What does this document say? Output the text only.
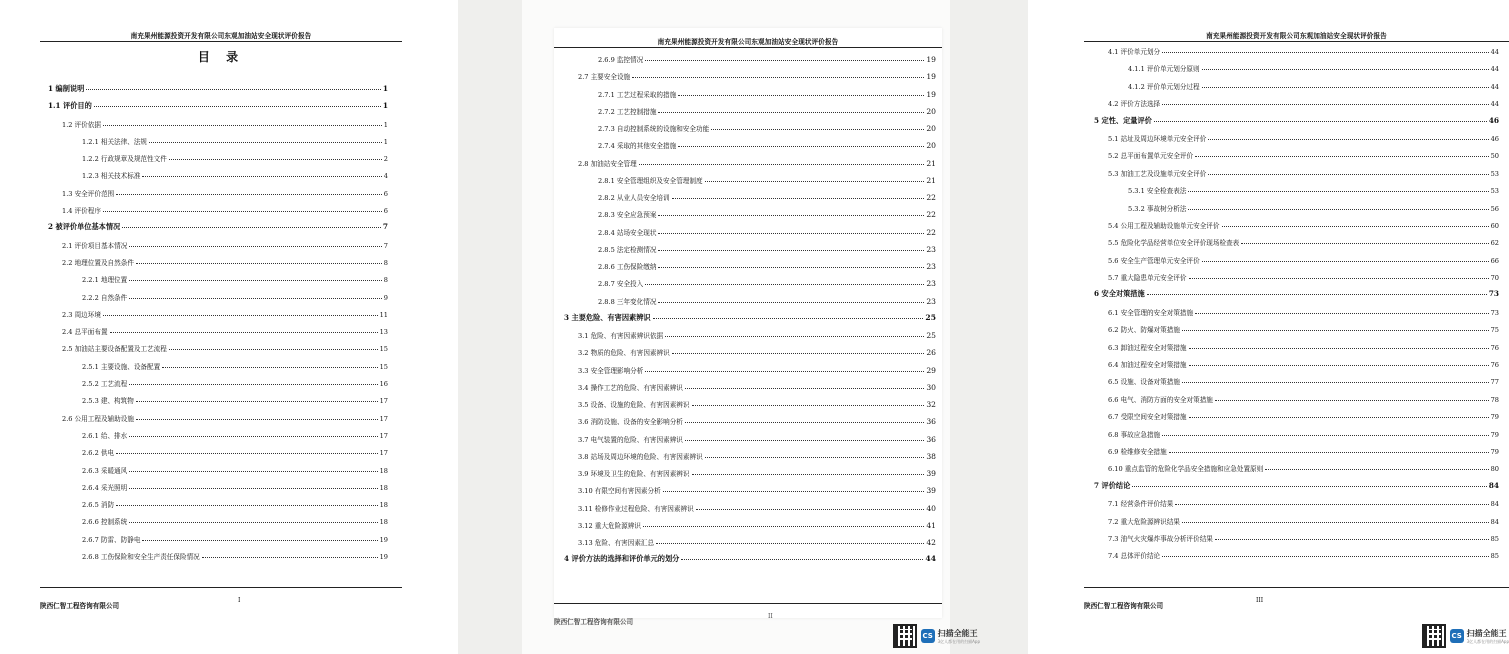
南充果州能源投资开发有限公司东观加油站安全现状评价报告
目 录
1 编制说明	1
1.1 评价目的	1
1.2 评价依据	1
1.2.1 相关法律、法规	1
1.2.2 行政规章及规范性文件	2
1.2.3 相关技术标准	4
1.3 安全评价范围	6
1.4 评价程序	6
2 被评价单位基本情况	7
2.1 评价项目基本情况	7
2.2 地理位置及自然条件	8
2.2.1 地理位置	8
2.2.2 自然条件	9
2.3 周边环境	11
2.4 总平面布置	13
2.5 加油站主要设备配置及工艺流程	15
2.5.1 主要设施、设备配置	15
2.5.2 工艺流程	16
2.5.3 建、构筑物	17
2.6 公用工程及辅助设施	17
2.6.1 给、排水	17
2.6.2 供电	17
2.6.3 采暖通风	18
2.6.4 采光照明	18
2.6.5 消防	18
2.6.6 控制系统	18
2.6.7 防雷、防静电	19
2.6.8 工伤保险和安全生产责任保险情况	19
陕西仁智工程咨询有限公司
I
南充果州能源投资开发有限公司东观加油站安全现状评价报告
2.6.9 监控情况	19
2.7 主要安全设施	19
2.7.1 工艺过程采取的措施	19
2.7.2 工艺控制措施	20
2.7.3 自动控制系统的设施和安全功能	20
2.7.4 采取的其他安全措施	20
2.8 加油站安全管理	21
2.8.1 安全管理组织及安全管理制度	21
2.8.2 从业人员安全培训	22
2.8.3 安全应急预案	22
2.8.4 站场安全现状	22
2.8.5 法定检测情况	23
2.8.6 工伤保险缴纳	23
2.8.7 安全投入	23
2.8.8 三年变化情况	23
3 主要危险、有害因素辨识	25
3.1 危险、有害因素辨识依据	25
3.2 物质的危险、有害因素辨识	26
3.3 安全管理影响分析	29
3.4 操作工艺的危险、有害因素辨识	30
3.5 设备、设施的危险、有害因素辨识	32
3.6 消防设施、设备的安全影响分析	36
3.7 电气装置的危险、有害因素辨识	36
3.8 站场及周边环境的危险、有害因素辨识	38
3.9 环境及卫生的危险、有害因素辨识	39
3.10 有限空间有害因素分析	39
3.11 检修作业过程危险、有害因素辨识	40
3.12 重大危险源辨识	41
3.13 危险、有害因素汇总	42
4 评价方法的选择和评价单元的划分	44
陕西仁智工程咨询有限公司
II
CS 扫描全能王
3亿人都在用的扫描App
南充果州能源投资开发有限公司东观加油站安全现状评价报告
4.1 评价单元划分	44
4.1.1 评价单元划分原则	44
4.1.2 评价单元划分过程	44
4.2 评价方法选择	44
5 定性、定量评价	46
5.1 站址及周边环境单元安全评价	46
5.2 总平面布置单元安全评价	50
5.3 加油工艺及设施单元安全评价	53
5.3.1 安全检查表法	53
5.3.2 事故树分析法	56
5.4 公用工程及辅助设施单元安全评价	60
5.5 危险化学品经营单位安全评价现场检查表	62
5.6 安全生产管理单元安全评价	66
5.7 重大隐患单元安全评价	70
6 安全对策措施	73
6.1 安全管理的安全对策措施	73
6.2 防火、防爆对策措施	75
6.3 卸油过程安全对策措施	76
6.4 加油过程安全对策措施	76
6.5 设施、设备对策措施	77
6.6 电气、消防方面的安全对策措施	78
6.7 受限空间安全对策措施	79
6.8 事故应急措施	79
6.9 检维修安全措施	79
6.10 重点监管的危险化学品安全措施和应急处置原则	80
7 评价结论	84
7.1 经营条件评价结果	84
7.2 重大危险源辨识结果	84
7.3 油气火灾爆炸事故分析评价结果	85
7.4 总体评价结论	85
陕西仁智工程咨询有限公司
III
CS 扫描全能王
3亿人都在用的扫描App
